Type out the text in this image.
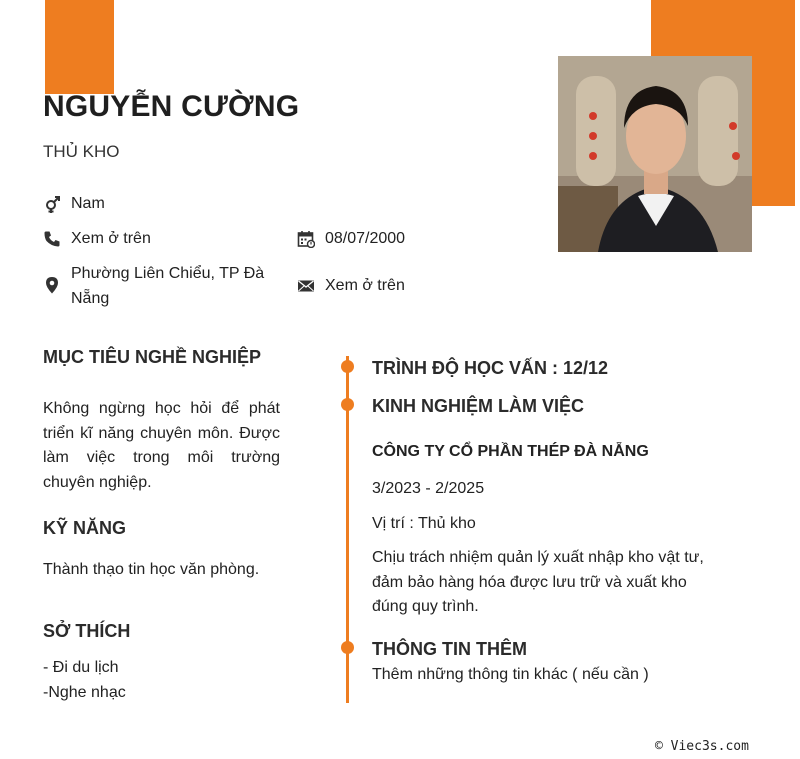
NGUYỄN CƯỜNG
THỦ KHO
Nam
Xem ở trên	08/07/2000
Phường Liên Chiểu, TP Đà Nẵng
Xem ở trên
MỤC TIÊU NGHỀ NGHIỆP
Không ngừng học hỏi để phát triển kĩ năng chuyên môn. Được làm việc trong môi trường chuyên nghiệp.
KỸ NĂNG
Thành thạo tin học văn phòng.
SỞ THÍCH
- Đi du lịch
-Nghe nhạc
TRÌNH ĐỘ HỌC VẤN : 12/12
KINH NGHIỆM LÀM VIỆC
CÔNG TY CỔ PHẦN THÉP ĐÀ NẴNG
3/2023 - 2/2025
Vị trí : Thủ kho
Chịu trách nhiệm quản lý xuất nhập kho vật tư, đảm bảo hàng hóa được lưu trữ và xuất kho đúng quy trình.
THÔNG TIN THÊM
Thêm những thông tin khác ( nếu cần )
© Viec3s.com
